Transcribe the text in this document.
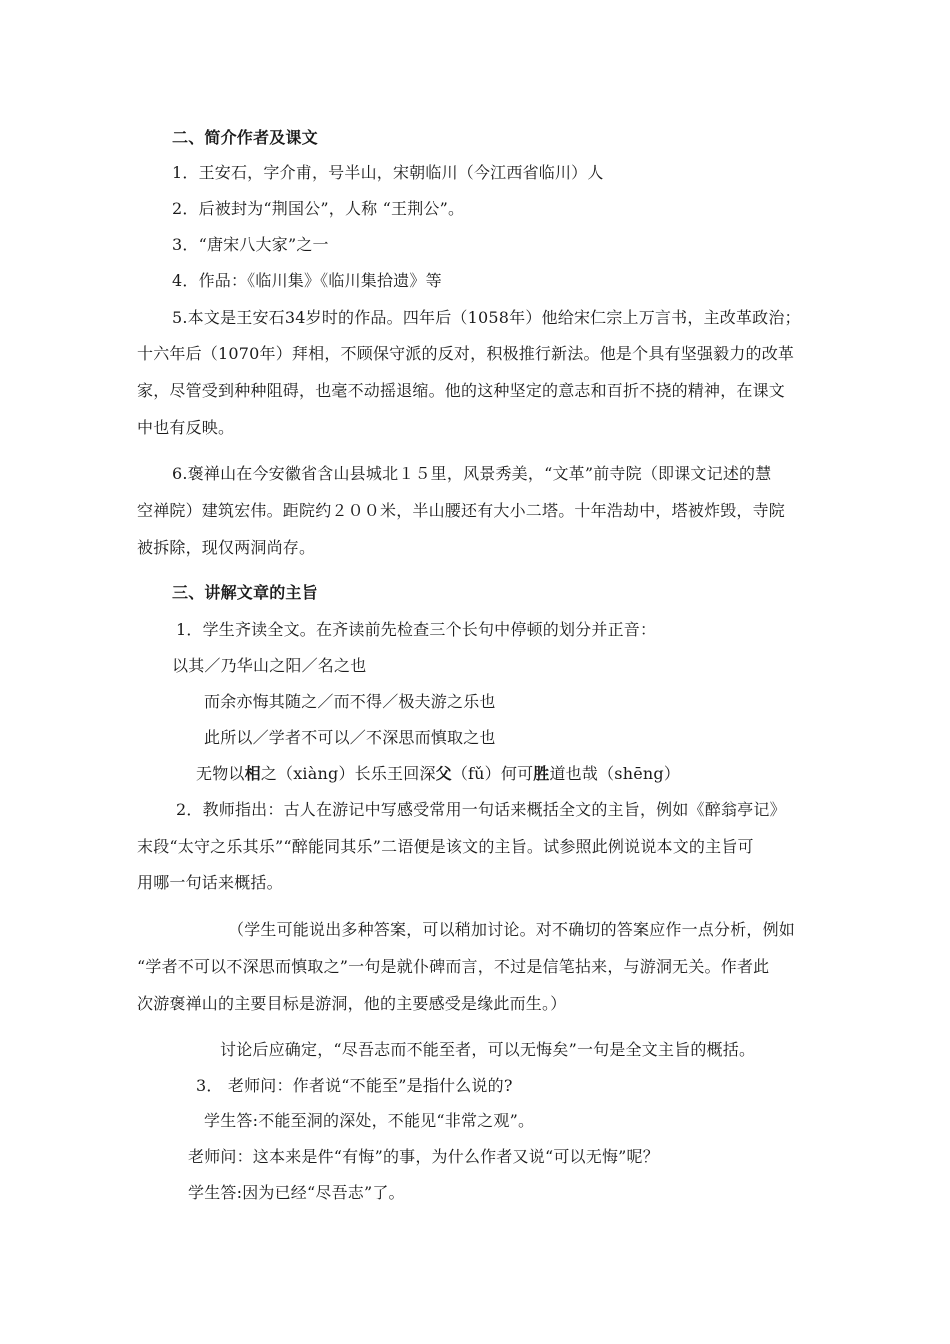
二、简介作者及课文
1．王安石，字介甫，号半山，宋朝临川（今江西省临川）人
2．后被封为“荆国公”，人称 “王荆公”。
3．“唐宋八大家”之一
4．作品：《临川集》《临川集拾遗》等
5.本文是王安石34岁时的作品。四年后（1058年）他给宋仁宗上万言书，主改革政治；
十六年后（1070年）拜相，不顾保守派的反对，积极推行新法。他是个具有坚强毅力的改革
家，尽管受到种种阻碍，也毫不动摇退缩。他的这种坚定的意志和百折不挠的精神，在课文
中也有反映。
6.褒禅山在今安徽省含山县城北１５里，风景秀美，“文革”前寺院（即课文记述的慧
空禅院）建筑宏伟。距院约２００米，半山腰还有大小二塔。十年浩劫中，塔被炸毁，寺院
被拆除，现仅两洞尚存。
三、讲解文章的主旨
1．学生齐读全文。在齐读前先检查三个长句中停顿的划分并正音：
以其／乃华山之阳／名之也
而余亦悔其随之／而不得／极夫游之乐也
此所以／学者不可以／不深思而慎取之也
无物以相之（xiàng）长乐王回深父（fǔ）何可胜道也哉（shēng）
2．教师指出：古人在游记中写感受常用一句话来概括全文的主旨，例如《醉翁亭记》
末段“太守之乐其乐”“醉能同其乐”二语便是该文的主旨。试参照此例说说本文的主旨可
用哪一句话来概括。
（学生可能说出多种答案，可以稍加讨论。对不确切的答案应作一点分析，例如
“学者不可以不深思而慎取之”一句是就仆碑而言，不过是信笔拈来，与游洞无关。作者此
次游褒禅山的主要目标是游洞，他的主要感受是缘此而生。）
讨论后应确定，“尽吾志而不能至者，可以无悔矣”一句是全文主旨的概括。
3． 老师问：作者说“不能至”是指什么说的?
学生答:不能至洞的深处，不能见“非常之观”。
老师问：这本来是件“有悔”的事，为什么作者又说“可以无悔”呢？
学生答:因为已经“尽吾志”了。
